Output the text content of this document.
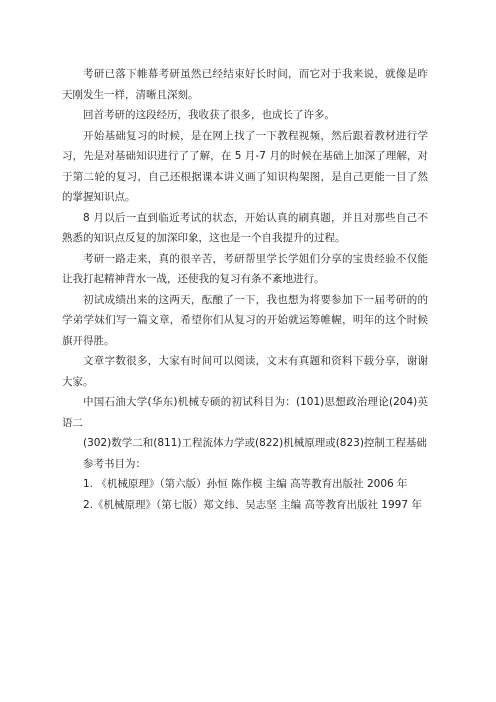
考研已落下帷幕考研虽然已经结束好长时间，而它对于我来说，就像是昨天刚发生一样，清晰且深刻。

回首考研的这段经历，我收获了很多，也成长了许多。

开始基础复习的时候，是在网上找了一下教程视频，然后跟着教材进行学习，先是对基础知识进行了了解，在 5 月-7 月的时候在基础上加深了理解，对于第二轮的复习，自己还根据课本讲义画了知识构架图，是自己更能一目了然的掌握知识点。

8 月以后一直到临近考试的状态，开始认真的刷真题，并且对那些自己不熟悉的知识点反复的加深印象，这也是一个自我提升的过程。

考研一路走来，真的很辛苦，考研帮里学长学姐们分享的宝贵经验不仅能让我打起精神背水一战，还使我的复习有条不紊地进行。

初试成绩出来的这两天，酝酿了一下，我也想为将要参加下一届考研的的学弟学妹们写一篇文章，希望你们从复习的开始就运筹帷幄，明年的这个时候旗开得胜。

文章字数很多，大家有时间可以阅读，文末有真题和资料下载分享，谢谢大家。

中国石油大学(华东)机械专硕的初试科目为：(101)思想政治理论(204)英语二

(302)数学二和(811)工程流体力学或(822)机械原理或(823)控制工程基础

参考书目为：

1. 《机械原理》（第六版）孙恒 陈作模 主编 高等教育出版社 2006 年

2.《机械原理》（第七版）郑文纬、吴志坚 主编 高等教育出版社 1997 年
